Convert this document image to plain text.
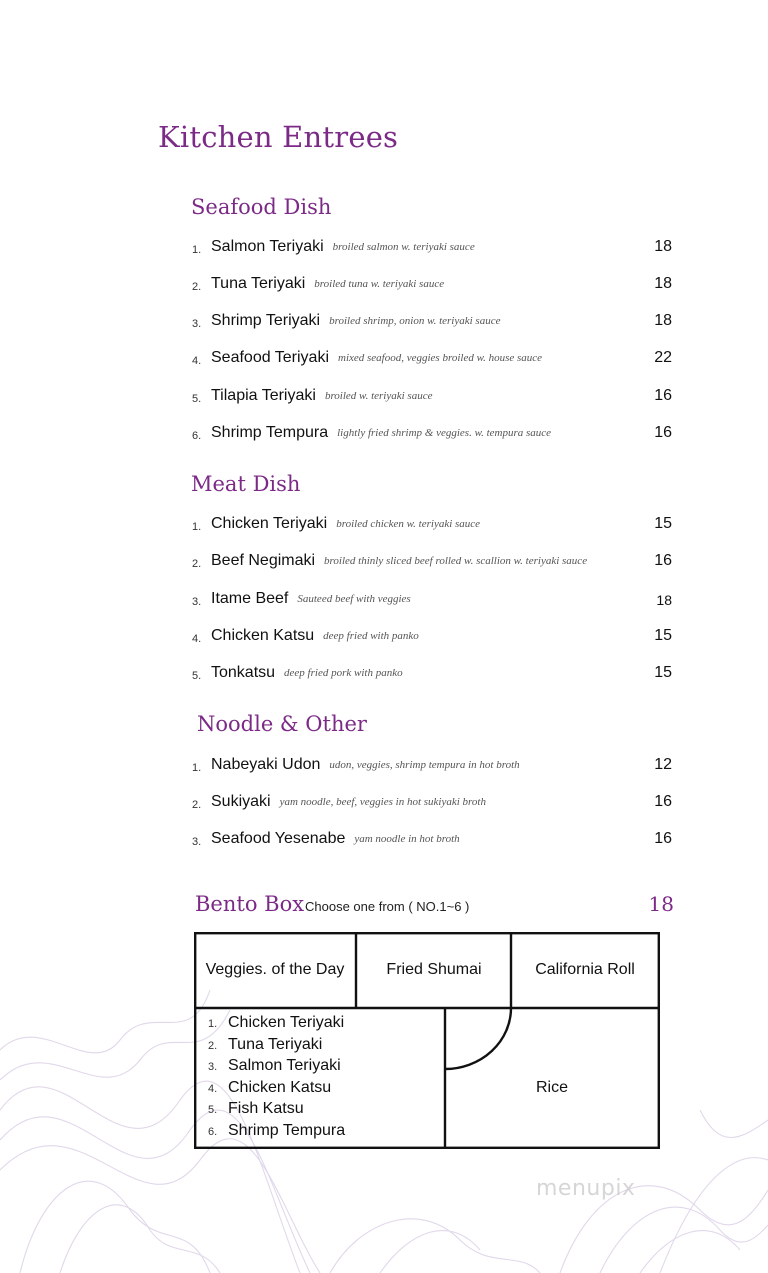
Kitchen Entrees
Seafood Dish
1. Salmon Teriyaki broiled salmon w. teriyaki sauce	18
2. Tuna Teriyaki broiled tuna w. teriyaki sauce	18
3. Shrimp Teriyaki broiled shrimp, onion w. teriyaki sauce	18
4. Seafood Teriyaki mixed seafood, veggies broiled w. house sauce	22
5. Tilapia Teriyaki broiled w. teriyaki sauce	16
6. Shrimp Tempura lightly fried shrimp & veggies. w. tempura sauce	16
Meat Dish
1. Chicken Teriyaki broiled chicken w. teriyaki sauce	15
2. Beef Negimaki broiled thinly sliced beef rolled w. scallion w. teriyaki sauce	16
3. Itame Beef Sauteed beef with veggies	18
4. Chicken Katsu deep fried with panko	15
5. Tonkatsu deep fried pork with panko	15
Noodle & Other
1. Nabeyaki Udon udon, veggies, shrimp tempura in hot broth	12
2. Sukiyaki yam noodle, beef, veggies in hot sukiyaki broth	16
3. Seafood Yesenabe yam noodle in hot broth	16
Bento Box Choose one from ( NO.1~6 )	18
Veggies. of the Day	Fried Shumai	California Roll
Rice
1. Chicken Teriyaki
2. Tuna Teriyaki
3. Salmon Teriyaki
4. Chicken Katsu
5. Fish Katsu
6. Shrimp Tempura
menupix
